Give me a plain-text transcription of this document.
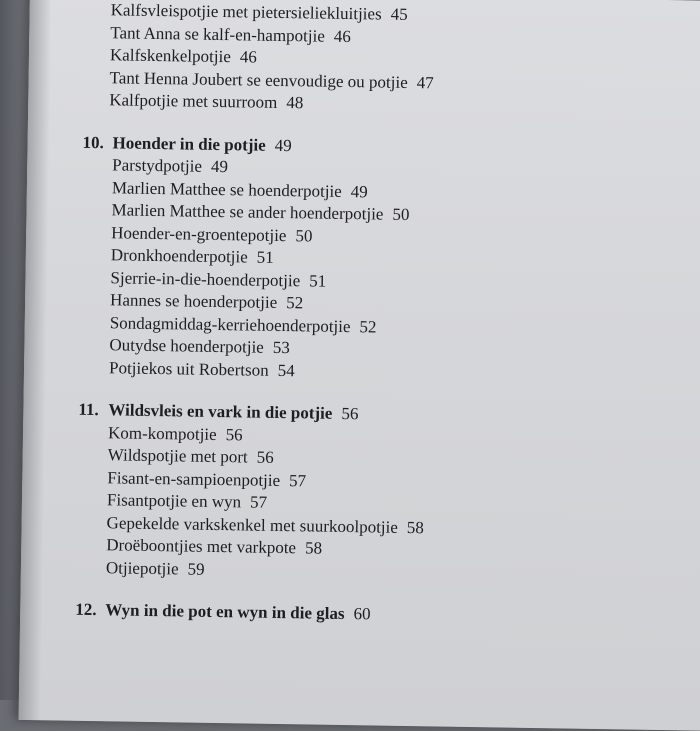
Kalfsvleispotjie met pietersieliekluitjies 45
Tant Anna se kalf-en-hampotjie 46
Kalfskenkelpotjie 46
Tant Henna Joubert se eenvoudige ou potjie 47
Kalfpotjie met suurroom 48
10. Hoender in die potjie 49
Parstydpotjie 49
Marlien Matthee se hoenderpotjie 49
Marlien Matthee se ander hoenderpotjie 50
Hoender-en-groentepotjie 50
Dronkhoenderpotjie 51
Sjerrie-in-die-hoenderpotjie 51
Hannes se hoenderpotjie 52
Sondagmiddag-kerriehoenderpotjie 52
Outydse hoenderpotjie 53
Potjiekos uit Robertson 54
11. Wildsvleis en vark in die potjie 56
Kom-kompotjie 56
Wildspotjie met port 56
Fisant-en-sampioenpotjie 57
Fisantpotjie en wyn 57
Gepekelde varkskenkel met suurkoolpotjie 58
Droëboontjies met varkpote 58
Otjiepotjie 59
12. Wyn in die pot en wyn in die glas 60
